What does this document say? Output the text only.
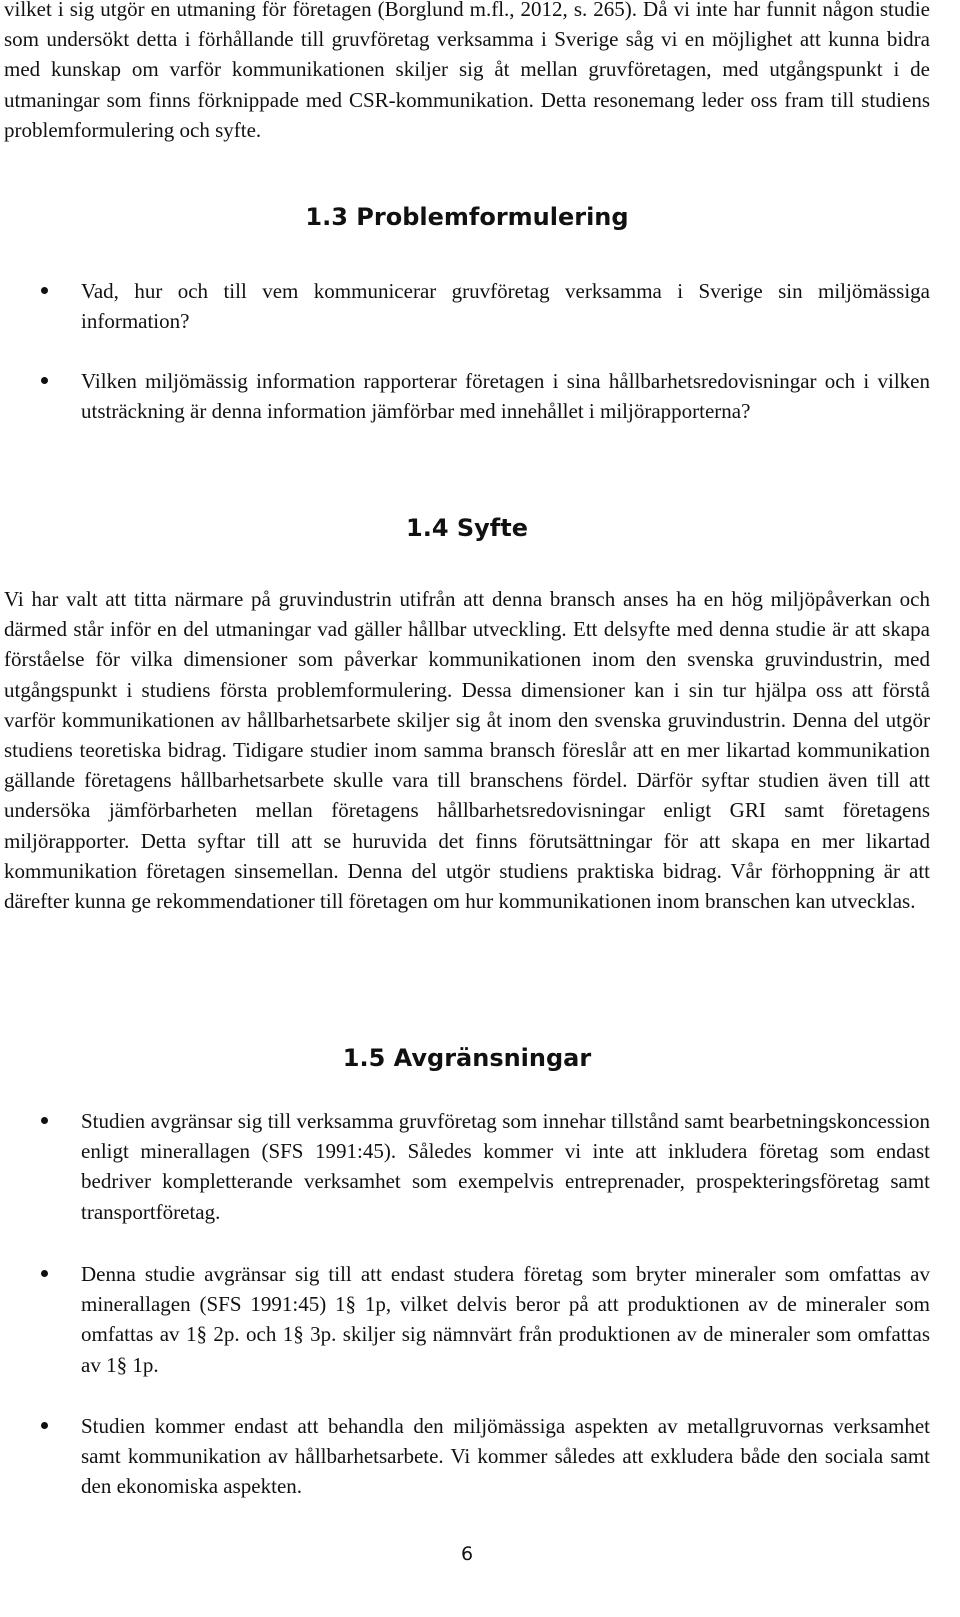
vilket i sig utgör en utmaning för företagen (Borglund m.fl., 2012, s. 265). Då vi inte har funnit någon studie som undersökt detta i förhållande till gruvföretag verksamma i Sverige såg vi en möjlighet att kunna bidra med kunskap om varför kommunikationen skiljer sig åt mellan gruvföretagen, med utgångspunkt i de utmaningar som finns förknippade med CSR-kommunikation. Detta resonemang leder oss fram till studiens problemformulering och syfte.

1.3 Problemformulering

Vad, hur och till vem kommunicerar gruvföretag verksamma i Sverige sin miljömässiga information?

Vilken miljömässig information rapporterar företagen i sina hållbarhetsredovisningar och i vilken utsträckning är denna information jämförbar med innehållet i miljörapporterna?

1.4 Syfte

Vi har valt att titta närmare på gruvindustrin utifrån att denna bransch anses ha en hög miljöpåverkan och därmed står inför en del utmaningar vad gäller hållbar utveckling. Ett delsyfte med denna studie är att skapa förståelse för vilka dimensioner som påverkar kommunikationen inom den svenska gruvindustrin, med utgångspunkt i studiens första problemformulering. Dessa dimensioner kan i sin tur hjälpa oss att förstå varför kommunikationen av hållbarhetsarbete skiljer sig åt inom den svenska gruvindustrin. Denna del utgör studiens teoretiska bidrag. Tidigare studier inom samma bransch föreslår att en mer likartad kommunikation gällande företagens hållbarhetsarbete skulle vara till branschens fördel. Därför syftar studien även till att undersöka jämförbarheten mellan företagens hållbarhetsredovisningar enligt GRI samt företagens miljörapporter. Detta syftar till att se huruvida det finns förutsättningar för att skapa en mer likartad kommunikation företagen sinsemellan. Denna del utgör studiens praktiska bidrag. Vår förhoppning är att därefter kunna ge rekommendationer till företagen om hur kommunikationen inom branschen kan utvecklas.

1.5 Avgränsningar

Studien avgränsar sig till verksamma gruvföretag som innehar tillstånd samt bearbetningskoncession enligt minerallagen (SFS 1991:45). Således kommer vi inte att inkludera företag som endast bedriver kompletterande verksamhet som exempelvis entreprenader, prospekteringsföretag samt transportföretag.

Denna studie avgränsar sig till att endast studera företag som bryter mineraler som omfattas av minerallagen (SFS 1991:45) 1§ 1p, vilket delvis beror på att produktionen av de mineraler som omfattas av 1§ 2p. och 1§ 3p. skiljer sig nämnvärt från produktionen av de mineraler som omfattas av 1§ 1p.

Studien kommer endast att behandla den miljömässiga aspekten av metallgruvornas verksamhet samt kommunikation av hållbarhetsarbete. Vi kommer således att exkludera både den sociala samt den ekonomiska aspekten.

6
